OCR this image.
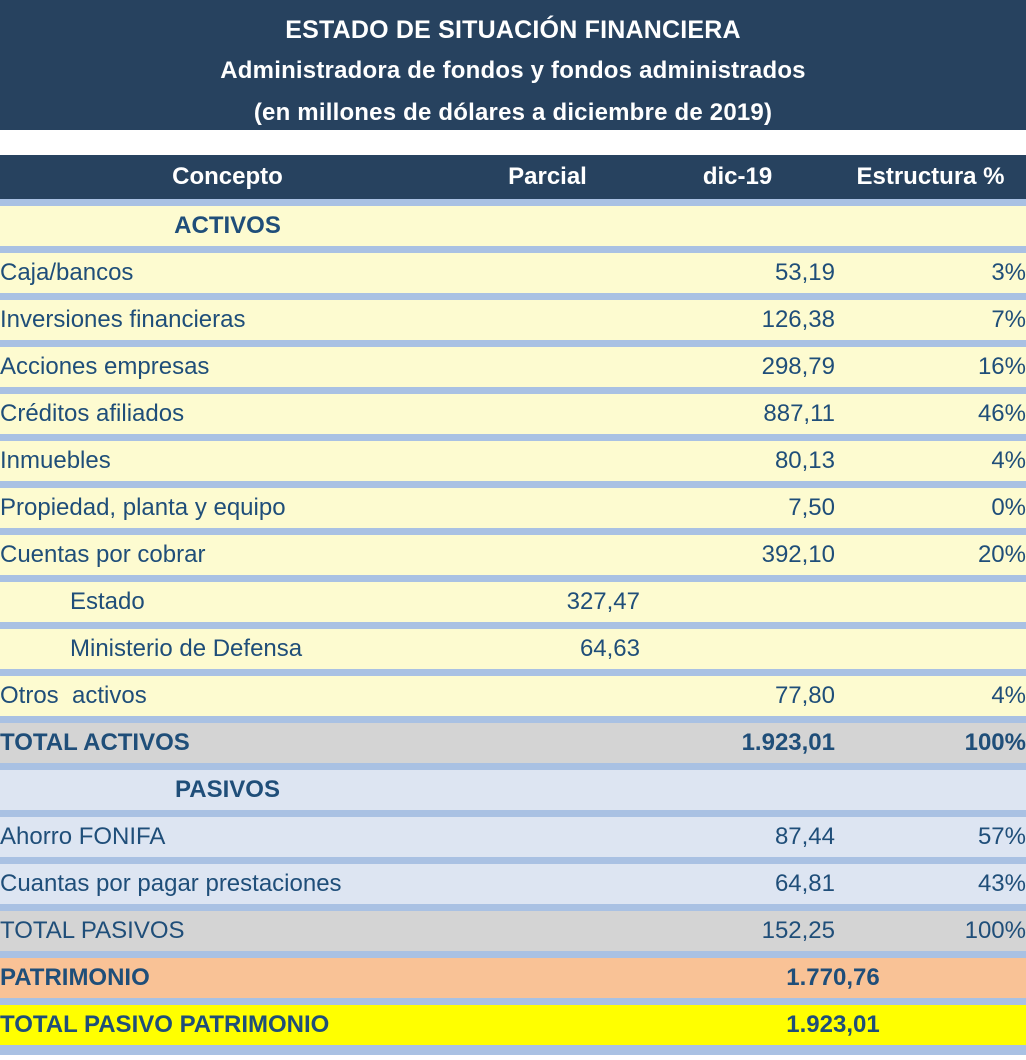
ESTADO DE SITUACIÓN FINANCIERA
Administradora de fondos y fondos administrados
(en millones de dólares a diciembre de 2019)
Concepto	Parcial	dic-19	Estructura %

ACTIVOS			

Caja/bancos		53,19	3%

Inversiones financieras		126,38	7%

Acciones empresas		298,79	16%

Créditos afiliados		887,11	46%

Inmuebles		80,13	4%

Propiedad, planta y equipo		7,50	0%

Cuentas por cobrar		392,10	20%

Estado	327,47		

Ministerio de Defensa	64,63		

Otros  activos		77,80	4%

TOTAL ACTIVOS		1.923,01	100%

PASIVOS			

Ahorro FONIFA		87,44	57%

Cuantas por pagar prestaciones		64,81	43%

TOTAL PASIVOS		152,25	100%

PATRIMONIO		1.770,76	

TOTAL PASIVO PATRIMONIO		1.923,01	
